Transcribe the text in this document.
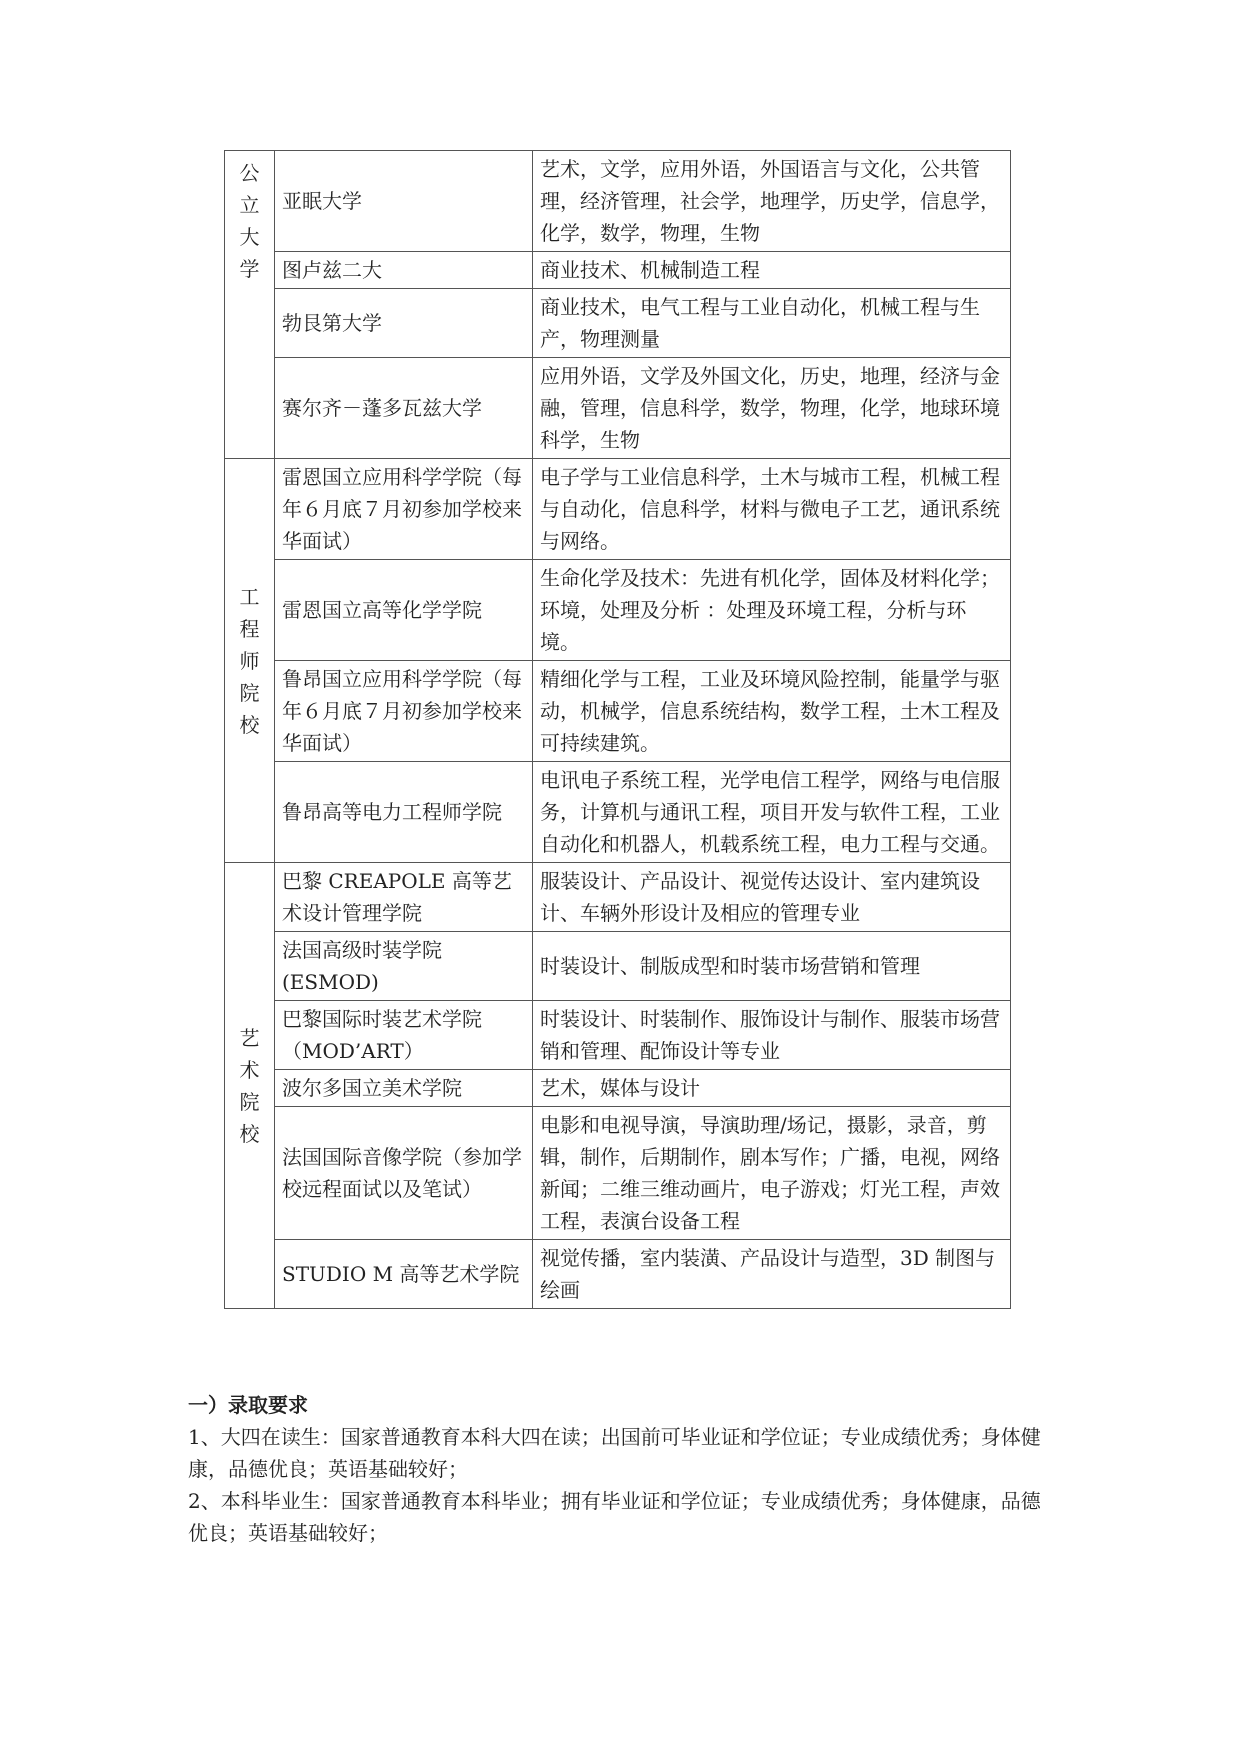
公
立
大
学	亚眠大学	艺术，文学，应用外语，外国语言与文化，公共管理，经济管理，社会学，地理学，历史学，信息学，化学，数学，物理，生物
	图卢兹二大	商业技术、机械制造工程
	勃艮第大学	商业技术，电气工程与工业自动化，机械工程与生产，物理测量
	赛尔齐－蓬多瓦兹大学	应用外语，文学及外国文化，历史，地理，经济与金融，管理，信息科学，数学，物理，化学，地球环境科学，生物

工
程
师
院
校	雷恩国立应用科学学院（每年６月底７月初参加学校来华面试）	电子学与工业信息科学，土木与城市工程，机械工程与自动化，信息科学，材料与微电子工艺，通讯系统与网络。
	雷恩国立高等化学学院	生命化学及技术：先进有机化学，固体及材料化学；
环境，处理及分析 ：处理及环境工程，分析与环境。
	鲁昂国立应用科学学院（每年６月底７月初参加学校来华面试）	精细化学与工程，工业及环境风险控制，能量学与驱动，机械学，信息系统结构，数学工程，土木工程及可持续建筑。
	鲁昂高等电力工程师学院	电讯电子系统工程，光学电信工程学，网络与电信服务，计算机与通讯工程，项目开发与软件工程，工业自动化和机器人，机载系统工程，电力工程与交通。

艺
术
院
校	巴黎 CREAPOLE 高等艺术设计管理学院	服装设计、产品设计、视觉传达设计、室内建筑设计、车辆外形设计及相应的管理专业
	法国高级时装学院(ESMOD)	时装设计、制版成型和时装市场营销和管理
	巴黎国际时装艺术学院（MOD’ART）	时装设计、时装制作、服饰设计与制作、服装市场营销和管理、配饰设计等专业
	波尔多国立美术学院	艺术，媒体与设计
	法国国际音像学院（参加学校远程面试以及笔试）	电影和电视导演，导演助理/场记，摄影，录音，剪辑，制作，后期制作，剧本写作；广播，电视，网络新闻；二维三维动画片，电子游戏；灯光工程，声效工程，表演台设备工程
	STUDIO M 高等艺术学院	视觉传播，室内装潢、产品设计与造型，3D 制图与绘画
一）录取要求

1、大四在读生：国家普通教育本科大四在读；出国前可毕业证和学位证；专业成绩优秀；身体健康，品德优良；英语基础较好；

2、本科毕业生：国家普通教育本科毕业；拥有毕业证和学位证；专业成绩优秀；身体健康，品德优良；英语基础较好；
